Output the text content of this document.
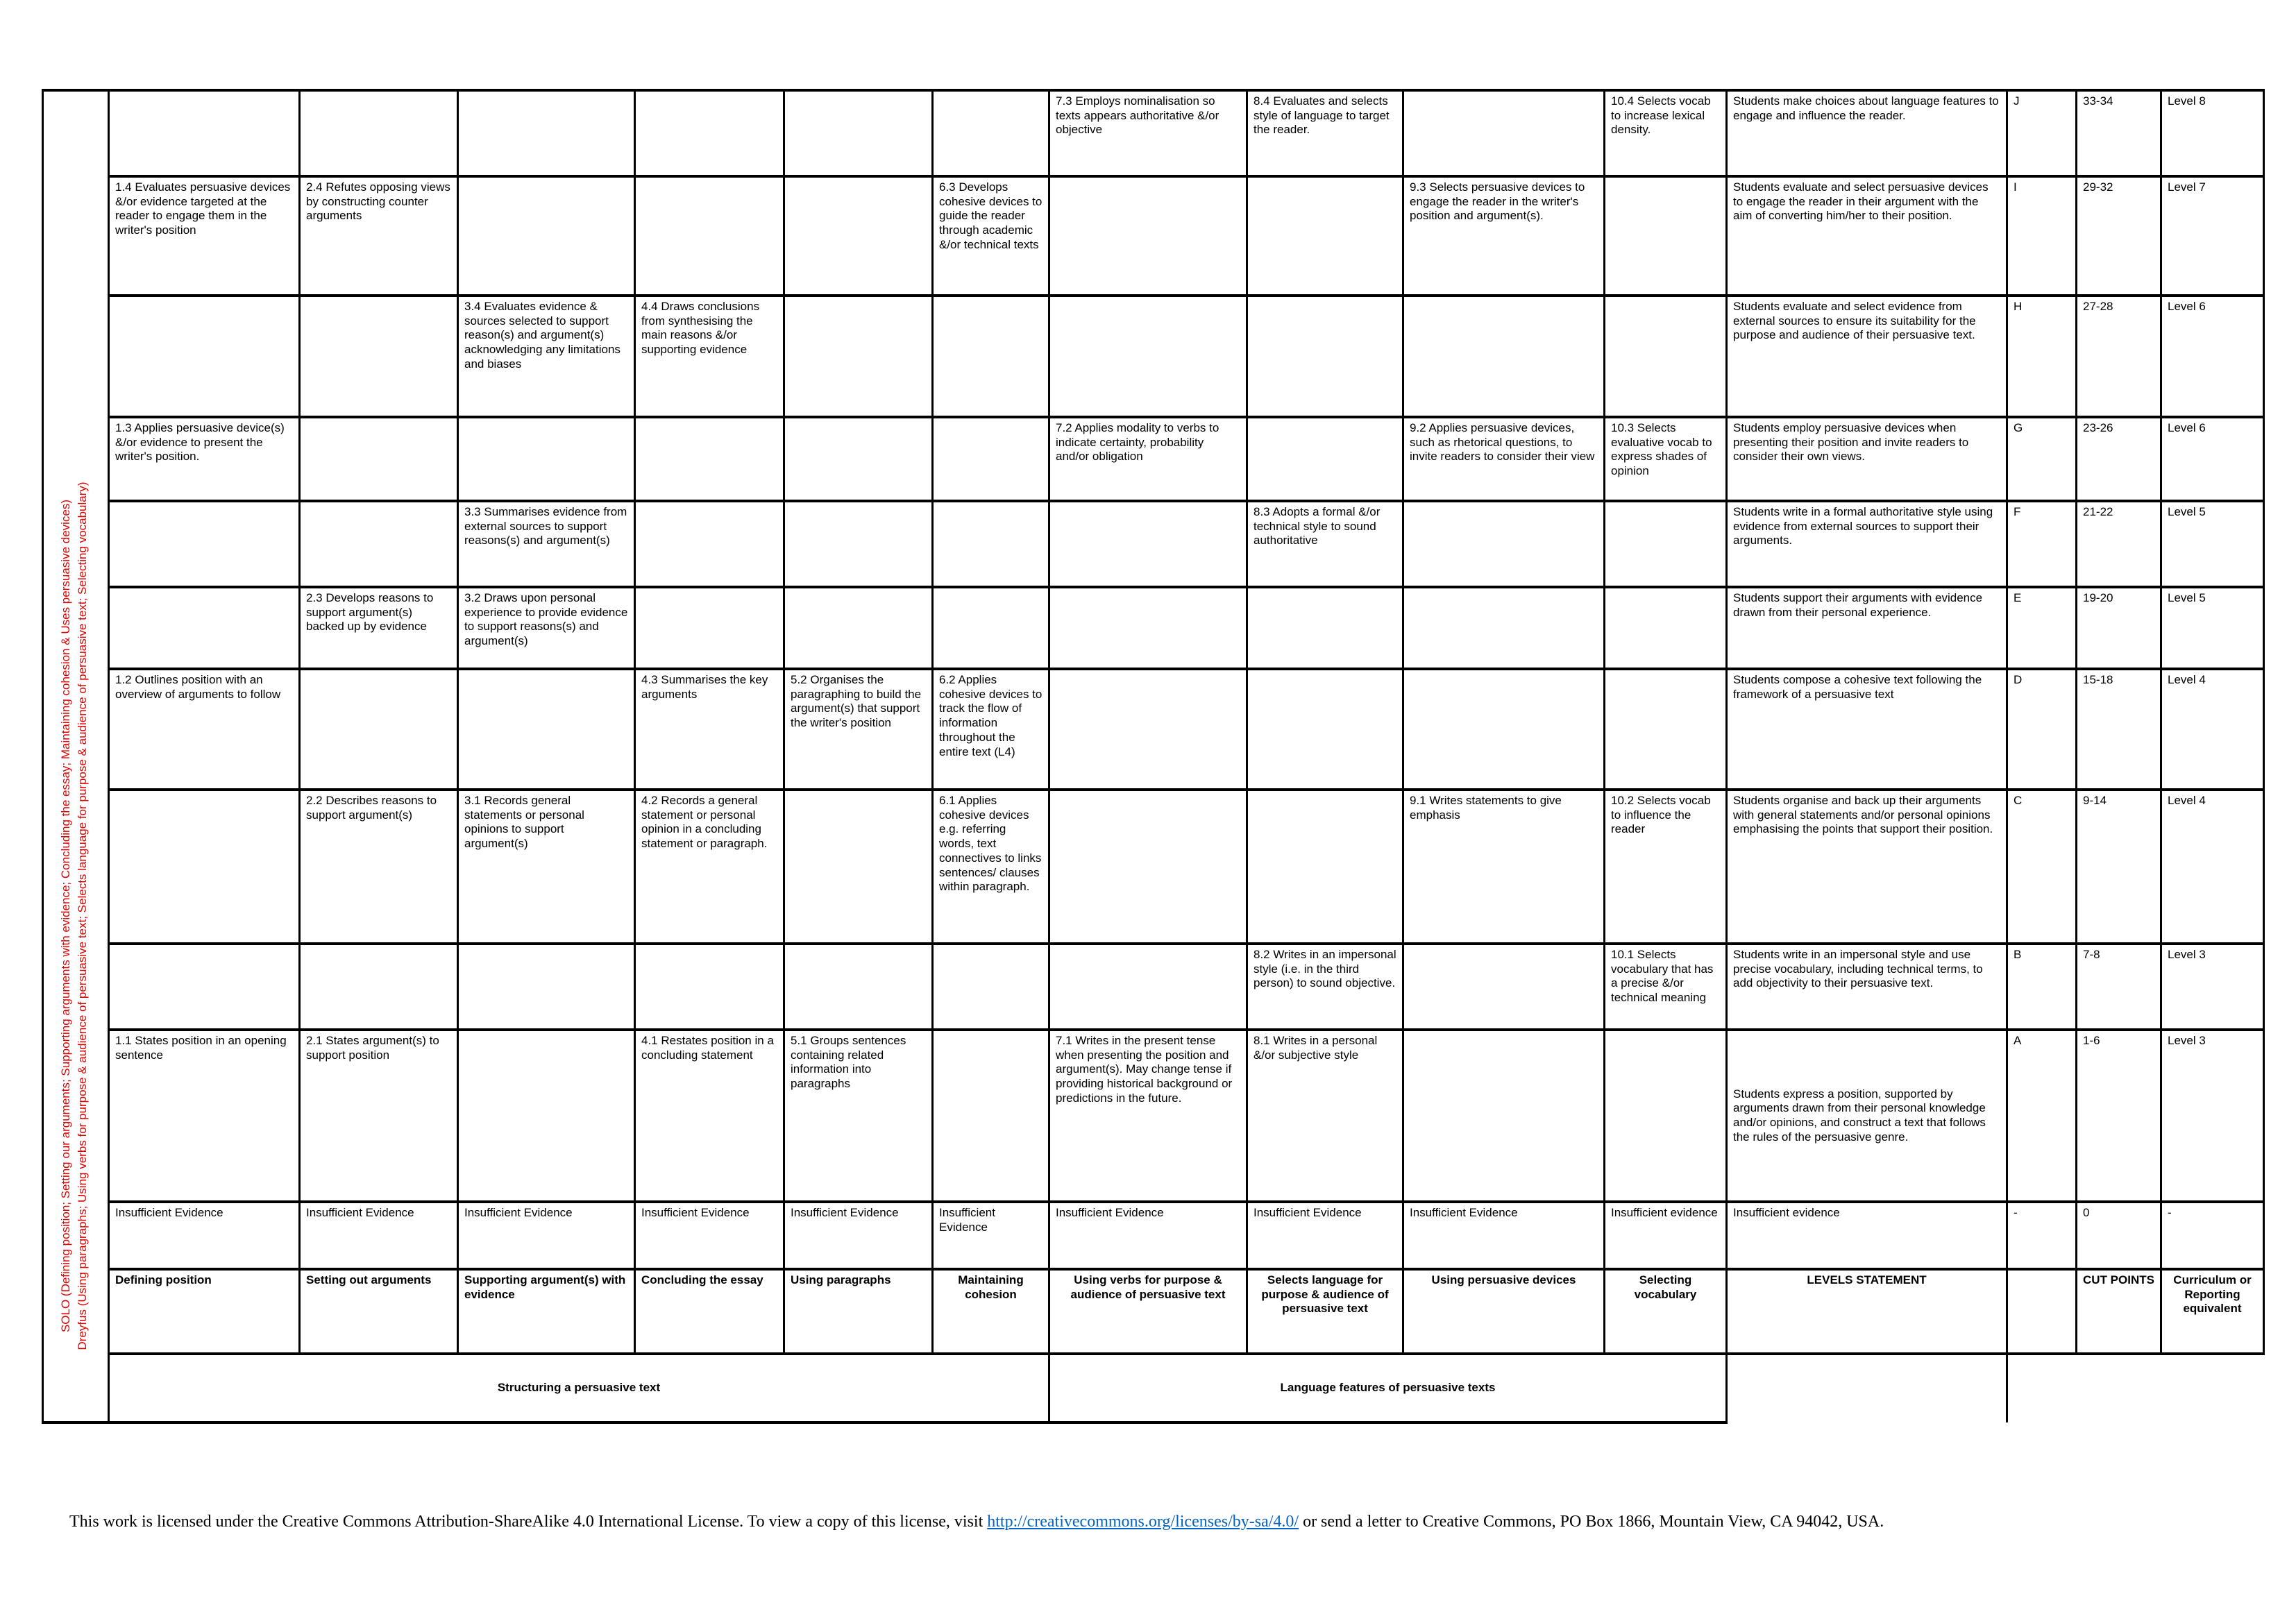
SOLO (Defining position; Setting our arguments; Supporting arguments with evidence; Concluding the essay; Maintaining cohesion & Uses persuasive devices) Dreyfus (Using paragraphs; Using verbs for purpose & audience of persuasive text; Selects language for purpose & audience of persuasive text; Selecting vocabulary)
							7.3 Employs nominalisation so texts appears authoritative &/or objective	8.4 Evaluates and selects style of language to target the reader.		10.4 Selects vocab to increase lexical density.	Students make choices about language features to engage and influence the reader.	J	33-34	Level 8
	1.4 Evaluates persuasive devices &/or evidence targeted at the reader to engage them in the writer's position	2.4 Refutes opposing views by constructing counter arguments				6.3 Develops cohesive devices to guide the reader through academic &/or technical texts			9.3 Selects persuasive devices to engage the reader in the writer's position and argument(s).		Students evaluate and select persuasive devices to engage the reader in their argument with the aim of converting him/her to their position.	I	29-32	Level 7
			3.4 Evaluates evidence & sources selected to support reason(s) and argument(s) acknowledging any limitations and biases	4.4 Draws conclusions from synthesising the main reasons &/or supporting evidence							Students evaluate and select evidence from external sources to ensure its suitability for the purpose and audience of their persuasive text.	H	27-28	Level 6
	1.3 Applies persuasive device(s) &/or evidence to present the writer's position.						7.2 Applies modality to verbs to indicate certainty, probability and/or obligation		9.2 Applies persuasive devices, such as rhetorical questions, to invite readers to consider their view	10.3 Selects evaluative vocab to express shades of opinion	Students employ persuasive devices when presenting their position and invite readers to consider their own views.	G	23-26	Level 6
			3.3 Summarises evidence from external sources to support reasons(s) and argument(s)					8.3 Adopts a formal &/or technical style to sound authoritative			Students write in a formal authoritative style using evidence from external sources to support their arguments.	F	21-22	Level 5
		2.3 Develops reasons to support argument(s) backed up by evidence	3.2 Draws upon personal experience to provide evidence to support reasons(s) and argument(s)								Students support their arguments with evidence drawn from their personal experience.	E	19-20	Level 5
	1.2 Outlines position with an overview of arguments to follow			4.3 Summarises the key arguments	5.2 Organises the paragraphing to build the argument(s) that support the writer's position	6.2 Applies cohesive devices to track the flow of information throughout the entire text (L4)					Students compose a cohesive text following the framework of a persuasive text	D	15-18	Level 4
		2.2 Describes reasons to support argument(s)	3.1 Records general statements or personal opinions to support argument(s)	4.2 Records a general statement or personal opinion in a concluding statement or paragraph.		6.1 Applies cohesive devices e.g. referring words, text connectives to links sentences/ clauses within paragraph.			9.1 Writes statements to give emphasis	10.2 Selects vocab to influence the reader	Students organise and back up their arguments with general statements and/or personal opinions emphasising the points that support their position.	C	9-14	Level 4
								8.2 Writes in an impersonal style (i.e. in the third person) to sound objective.		10.1 Selects vocabulary that has a precise &/or technical meaning	Students write in an impersonal style and use precise vocabulary, including technical terms, to add objectivity to their persuasive text.	B	7-8	Level 3
	1.1 States position in an opening sentence	2.1 States argument(s) to support position		4.1 Restates position in a concluding statement	5.1 Groups sentences containing related information into paragraphs		7.1 Writes in the present tense when presenting the position and argument(s). May change tense if providing historical background or predictions in the future.	8.1 Writes in a personal &/or subjective style			Students express a position, supported by arguments drawn from their personal knowledge and/or opinions, and construct a text that follows the rules of the persuasive genre.	A	1-6	Level 3
	Insufficient Evidence	Insufficient Evidence	Insufficient Evidence	Insufficient Evidence	Insufficient Evidence	Insufficient Evidence	Insufficient Evidence	Insufficient Evidence	Insufficient Evidence	Insufficient evidence	Insufficient evidence	-	0	-
	Defining position	Setting out arguments	Supporting argument(s) with evidence	Concluding the essay	Using paragraphs	Maintaining cohesion	Using verbs for purpose & audience of persuasive text	Selects language for purpose & audience of persuasive text	Using persuasive devices	Selecting vocabulary	LEVELS STATEMENT		CUT POINTS	Curriculum or Reporting equivalent
	Structuring a persuasive text						Language features of persuasive texts							
This work is licensed under the Creative Commons Attribution-ShareAlike 4.0 International License. To view a copy of this license, visit http://creativecommons.org/licenses/by-sa/4.0/ or send a letter to Creative Commons, PO Box 1866, Mountain View, CA 94042, USA.
